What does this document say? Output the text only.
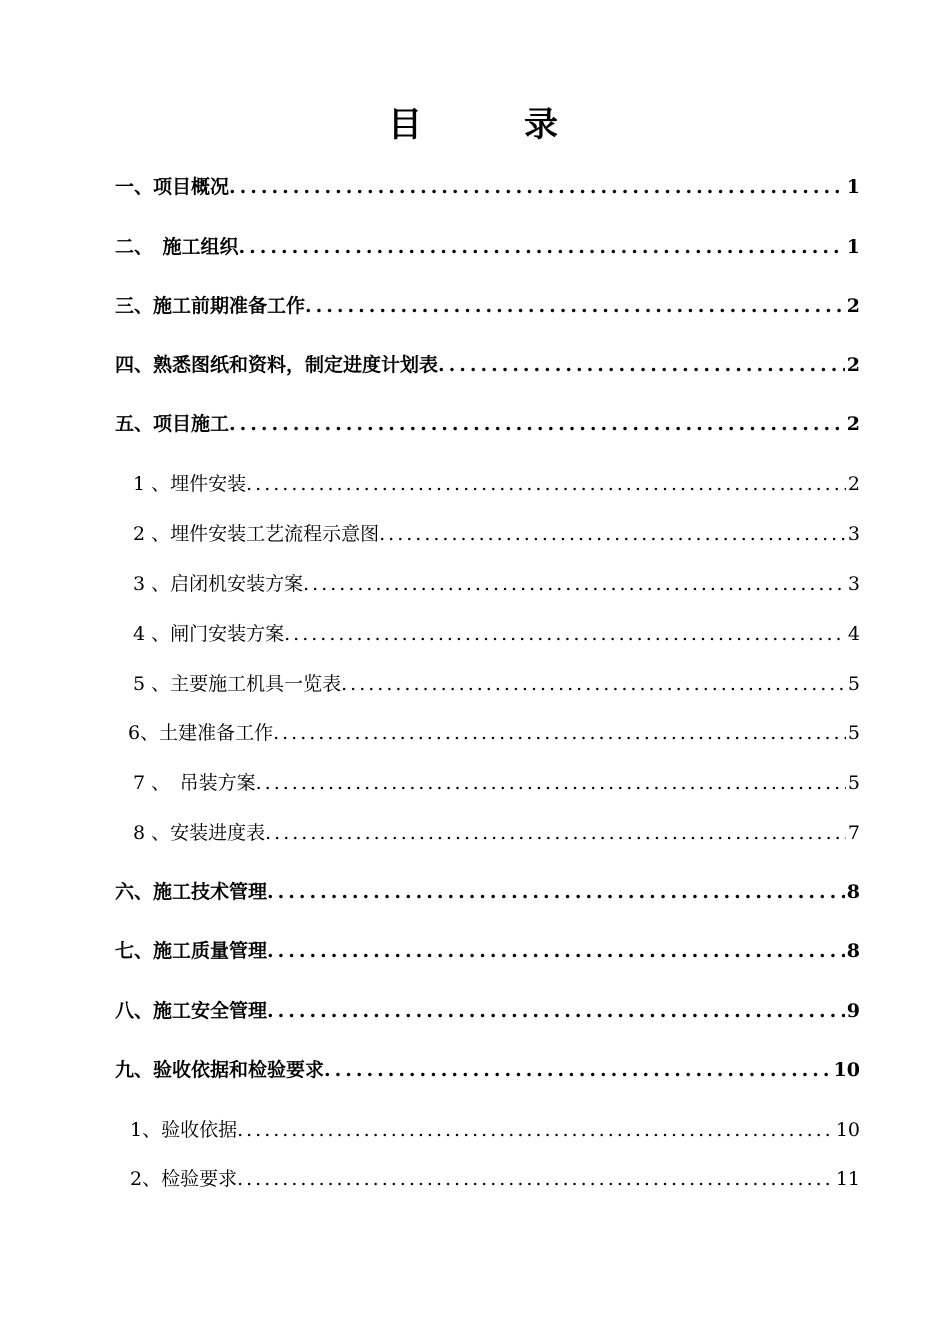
目　录
一、项目概况 .....	1
二、　施工组织 .....	1
三、施工前期准备工作 .....	2
四、熟悉图纸和资料，制定进度计划表 .....	2
五、项目施工 .....	2
1 、埋件安装 .....	2
2 、埋件安装工艺流程示意图 .....	3
3 、启闭机安装方案 .....	3
4 、闸门安装方案 .....	4
5 、主要施工机具一览表 .....	5
6、土建准备工作 .....	5
7 、　吊装方案 .....	5
8 、安装进度表 .....	7
六、施工技术管理 .....	8
七、施工质量管理 .....	8
八、施工安全管理 .....	9
九、验收依据和检验要求 .....	10
1、验收依据 .....	10
2、检验要求 .....	11
